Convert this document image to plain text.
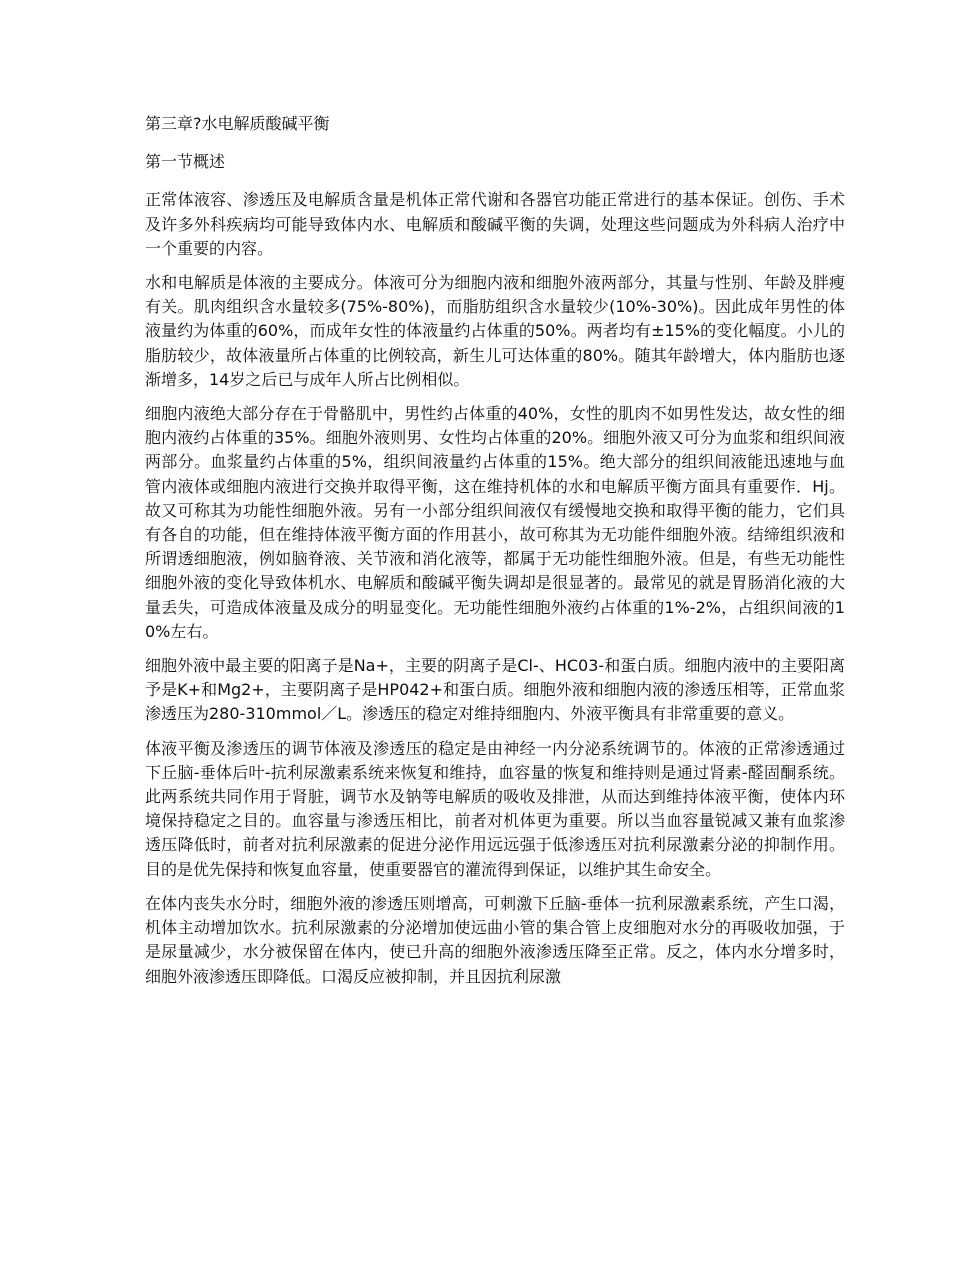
第三章?水电解质酸碱平衡

第一节概述

正常体液容、渗透压及电解质含量是机体正常代谢和各器官功能正常进行的基本保证。创伤、手术及许多外科疾病均可能导致体内水、电解质和酸碱平衡的失调，处理这些问题成为外科病人治疗中一个重要的内容。

水和电解质是体液的主要成分。体液可分为细胞内液和细胞外液两部分，其量与性别、年龄及胖瘦有关。肌肉组织含水量较多(75%-80%)，而脂肪组织含水量较少(10%-30%)。因此成年男性的体液量约为体重的60%，而成年女性的体液量约占体重的50%。两者均有±15%的变化幅度。小儿的脂肪较少，故体液量所占体重的比例较高，新生儿可达体重的80%。随其年龄增大，体内脂肪也逐渐增多，14岁之后已与成年人所占比例相似。

细胞内液绝大部分存在于骨骼肌中，男性约占体重的40%，女性的肌肉不如男性发达，故女性的细胞内液约占体重的35%。细胞外液则男、女性均占体重的20%。细胞外液又可分为血浆和组织间液两部分。血浆量约占体重的5%，组织间液量约占体重的15%。绝大部分的组织间液能迅速地与血管内液体或细胞内液进行交换并取得平衡，这在维持机体的水和电解质平衡方面具有重要作．Hj。故又可称其为功能性细胞外液。另有一小部分组织间液仅有缓慢地交换和取得平衡的能力，它们具有各自的功能，但在维持体液平衡方面的作用甚小，故可称其为无功能件细胞外液。结缔组织液和所谓透细胞液，例如脑脊液、关节液和消化液等，都属于无功能性细胞外液。但是，有些无功能性细胞外液的变化导致体机水、电解质和酸碱平衡失调却是很显著的。最常见的就是胃肠消化液的大量丢失，可造成体液量及成分的明显变化。无功能性细胞外液约占体重的1%-2%，占组织间液的10%左右。

细胞外液中最主要的阳离子是Na+，主要的阴离子是Cl-、HC03-和蛋白质。细胞内液中的主要阳离予是K+和Mg2+，主要阴离子是HP042+和蛋白质。细胞外液和细胞内液的渗透压相等，正常血浆渗透压为280-310mmol／L。渗透压的稳定对维持细胞内、外液平衡具有非常重要的意义。

体液平衡及渗透压的调节体液及渗透压的稳定是由神经一内分泌系统调节的。体液的正常渗透通过下丘脑-垂体后叶-抗利尿激素系统来恢复和维持，血容量的恢复和维持则是通过肾素-醛固酮系统。此两系统共同作用于肾脏，调节水及钠等电解质的吸收及排泄，从而达到维持体液平衡，使体内环境保持稳定之目的。血容量与渗透压相比，前者对机体更为重要。所以当血容量锐减又兼有血浆渗透压降低时，前者对抗利尿激素的促进分泌作用远远强于低渗透压对抗利尿激素分泌的抑制作用。目的是优先保持和恢复血容量，使重要器官的灌流得到保证，以维护其生命安全。

在体内丧失水分时，细胞外液的渗透压则增高，可刺激下丘脑-垂体一抗利尿激素系统，产生口渴，机体主动增加饮水。抗利尿激素的分泌增加使远曲小管的集合管上皮细胞对水分的再吸收加强，于是尿量减少，水分被保留在体内，使已升高的细胞外液渗透压降至正常。反之，体内水分增多时，细胞外液渗透压即降低。口渴反应被抑制，并且因抗利尿激
